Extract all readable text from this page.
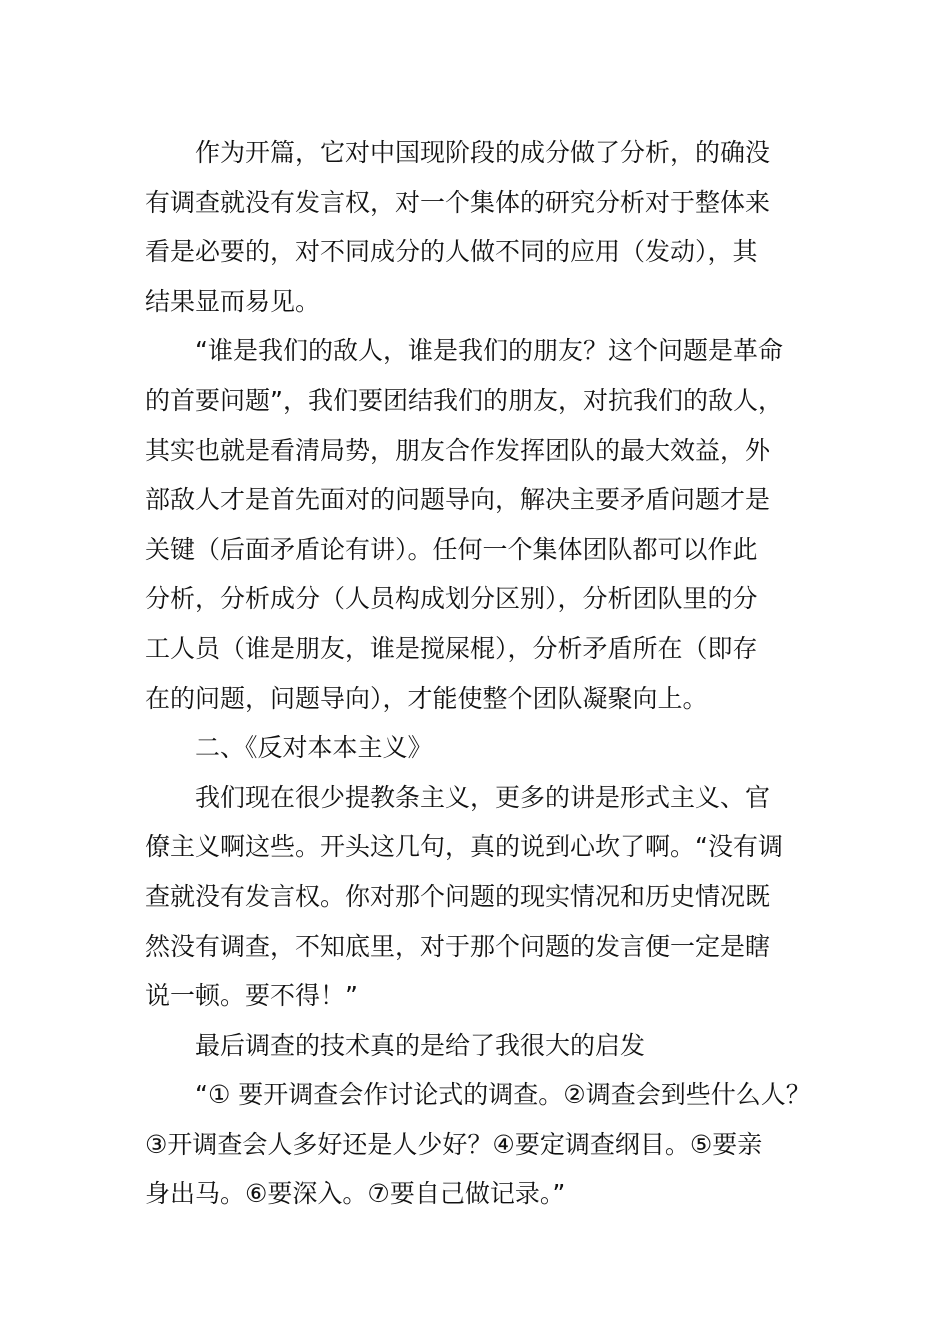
作为开篇，它对中国现阶段的成分做了分析，的确没
有调查就没有发言权，对一个集体的研究分析对于整体来
看是必要的，对不同成分的人做不同的应用（发动），其
结果显而易见。

“谁是我们的敌人，谁是我们的朋友？这个问题是革命
的首要问题”，我们要团结我们的朋友，对抗我们的敌人，
其实也就是看清局势，朋友合作发挥团队的最大效益，外
部敌人才是首先面对的问题导向，解决主要矛盾问题才是
关键（后面矛盾论有讲）。任何一个集体团队都可以作此
分析，分析成分（人员构成划分区别），分析团队里的分
工人员（谁是朋友，谁是搅屎棍），分析矛盾所在（即存
在的问题，问题导向），才能使整个团队凝聚向上。

二、《反对本本主义》

我们现在很少提教条主义，更多的讲是形式主义、官
僚主义啊这些。开头这几句，真的说到心坎了啊。“没有调
查就没有发言权。你对那个问题的现实情况和历史情况既
然没有调查，不知底里，对于那个问题的发言便一定是瞎
说一顿。要不得！”

最后调查的技术真的是给了我很大的启发

“① 要开调查会作讨论式的调查。②调查会到些什么人？
③开调查会人多好还是人少好？④要定调查纲目。⑤要亲
身出马。⑥要深入。⑦要自己做记录。”
